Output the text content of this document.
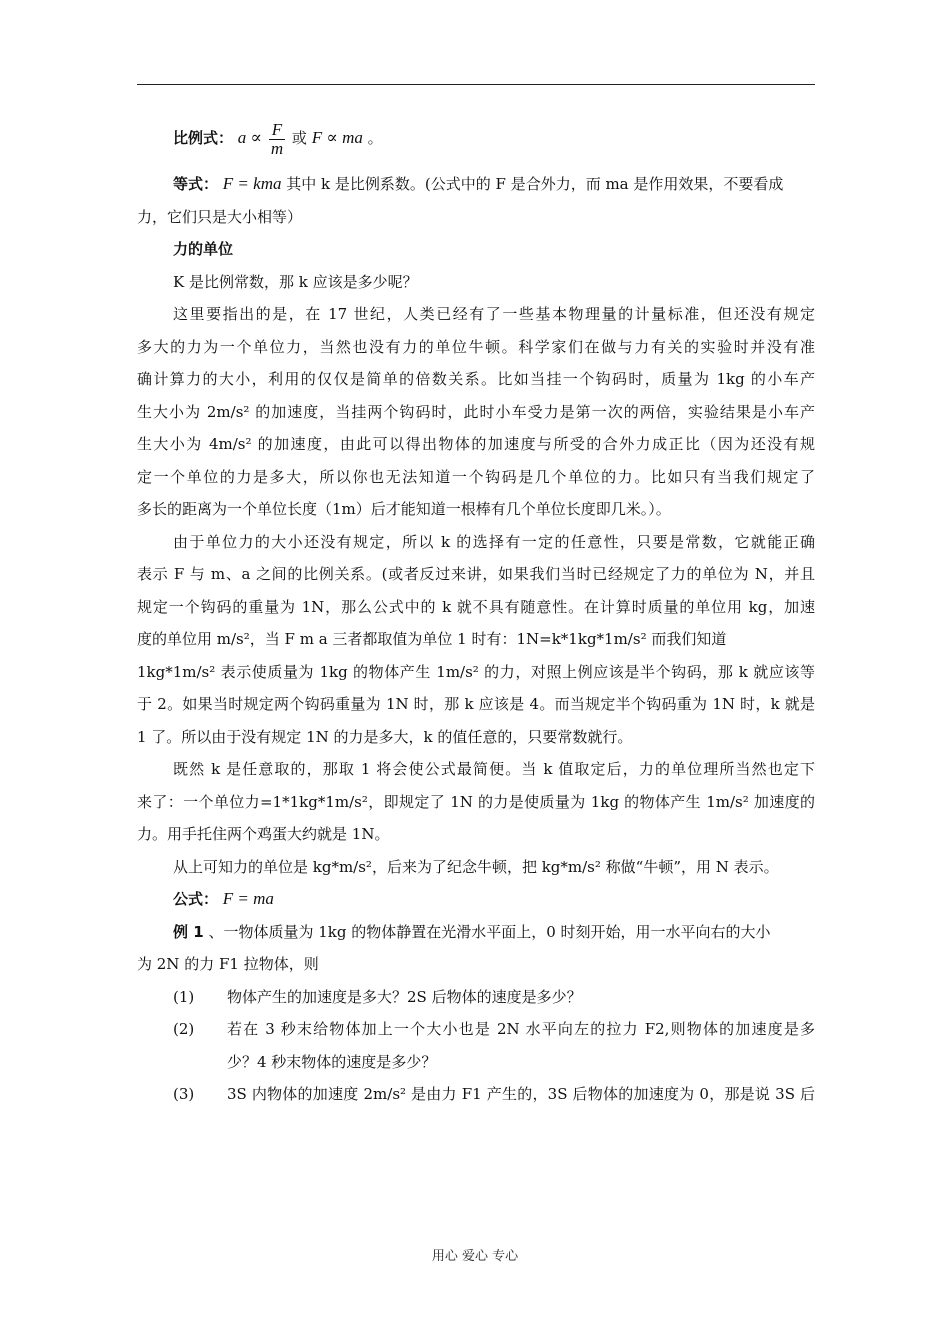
比例式： $a \propto \frac{F}{m}$ 或 F ∝ ma 。
等式： F = kma 其中 k 是比例系数。(公式中的 F 是合外力，而 ma 是作用效果，不要看成
力，它们只是大小相等）
力的单位
K 是比例常数，那 k 应该是多少呢？
这里要指出的是，在 17 世纪，人类已经有了一些基本物理量的计量标准，但还没有规定
多大的力为一个单位力，当然也没有力的单位牛顿。科学家们在做与力有关的实验时并没有准
确计算力的大小，利用的仅仅是简单的倍数关系。比如当挂一个钩码时，质量为 1kg 的小车产
生大小为 2m/s² 的加速度，当挂两个钩码时，此时小车受力是第一次的两倍，实验结果是小车产
生大小为 4m/s² 的加速度，由此可以得出物体的加速度与所受的合外力成正比（因为还没有规
定一个单位的力是多大，所以你也无法知道一个钩码是几个单位的力。比如只有当我们规定了
多长的距离为一个单位长度（1m）后才能知道一根棒有几个单位长度即几米。）。
由于单位力的大小还没有规定，所以 k 的选择有一定的任意性，只要是常数，它就能正确
表示 F 与 m、a 之间的比例关系。(或者反过来讲，如果我们当时已经规定了力的单位为 N，并且
规定一个钩码的重量为 1N，那么公式中的 k 就不具有随意性。在计算时质量的单位用 kg，加速
度的单位用 m/s²，当 F m a 三者都取值为单位 1 时有：1N=k*1kg*1m/s² 而我们知道
1kg*1m/s² 表示使质量为 1kg 的物体产生 1m/s² 的力，对照上例应该是半个钩码，那 k 就应该等
于 2。如果当时规定两个钩码重量为 1N 时，那 k 应该是 4。而当规定半个钩码重为 1N 时，k 就是
1 了。所以由于没有规定 1N 的力是多大，k 的值任意的，只要常数就行。
既然 k 是任意取的，那取 1 将会使公式最简便。当 k 值取定后，力的单位理所当然也定下
来了：一个单位力=1*1kg*1m/s²，即规定了 1N 的力是使质量为 1kg 的物体产生 1m/s² 加速度的
力。用手托住两个鸡蛋大约就是 1N。
从上可知力的单位是 kg*m/s²，后来为了纪念牛顿，把 kg*m/s² 称做“牛顿”，用 N 表示。
公式： F = ma
例 1 、一物体质量为 1kg 的物体静置在光滑水平面上，0 时刻开始，用一水平向右的大小
为 2N 的力 F1 拉物体，则
(1) 物体产生的加速度是多大？2S 后物体的速度是多少？
(2) 若在 3 秒末给物体加上一个大小也是 2N 水平向左的拉力 F2,则物体的加速度是多
少？4 秒末物体的速度是多少？
(3) 3S 内物体的加速度 2m/s² 是由力 F1 产生的，3S 后物体的加速度为 0，那是说 3S 后
用心 爱心 专心
